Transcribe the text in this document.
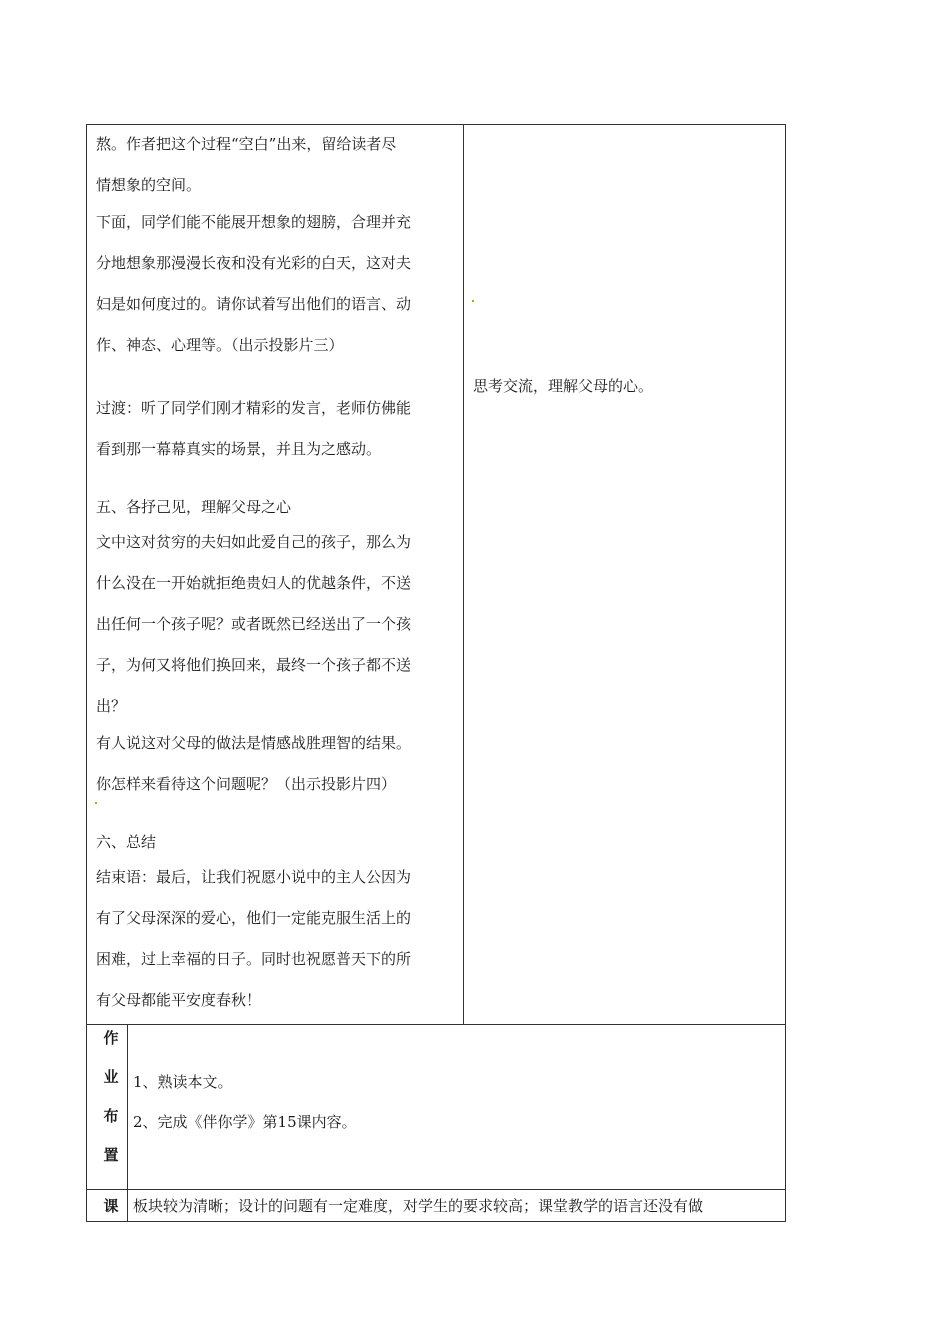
熬。作者把这个过程“空白”出来，留给读者尽

情想象的空间。

下面，同学们能不能展开想象的翅膀，合理并充

分地想象那漫漫长夜和没有光彩的白天，这对夫

妇是如何度过的。请你试着写出他们的语言、动

作、神态、心理等。（出示投影片三）

过渡：听了同学们刚才精彩的发言，老师仿佛能

看到那一幕幕真实的场景，并且为之感动。

五、各抒己见，理解父母之心

文中这对贫穷的夫妇如此爱自己的孩子，那么为

什么没在一开始就拒绝贵妇人的优越条件，不送

出任何一个孩子呢？或者既然已经送出了一个孩

子，为何又将他们换回来，最终一个孩子都不送

出？

有人说这对父母的做法是情感战胜理智的结果。

你怎样来看待这个问题呢？（出示投影片四）

六、总结

结束语：最后，让我们祝愿小说中的主人公因为

有了父母深深的爱心，他们一定能克服生活上的

困难，过上幸福的日子。同时也祝愿普天下的所

有父母都能平安度春秋！

思考交流，理解父母的心。

作
业
布
置

1、熟读本文。

2、完成《伴你学》第15课内容。

课 板块较为清晰；设计的问题有一定难度，对学生的要求较高；课堂教学的语言还没有做
